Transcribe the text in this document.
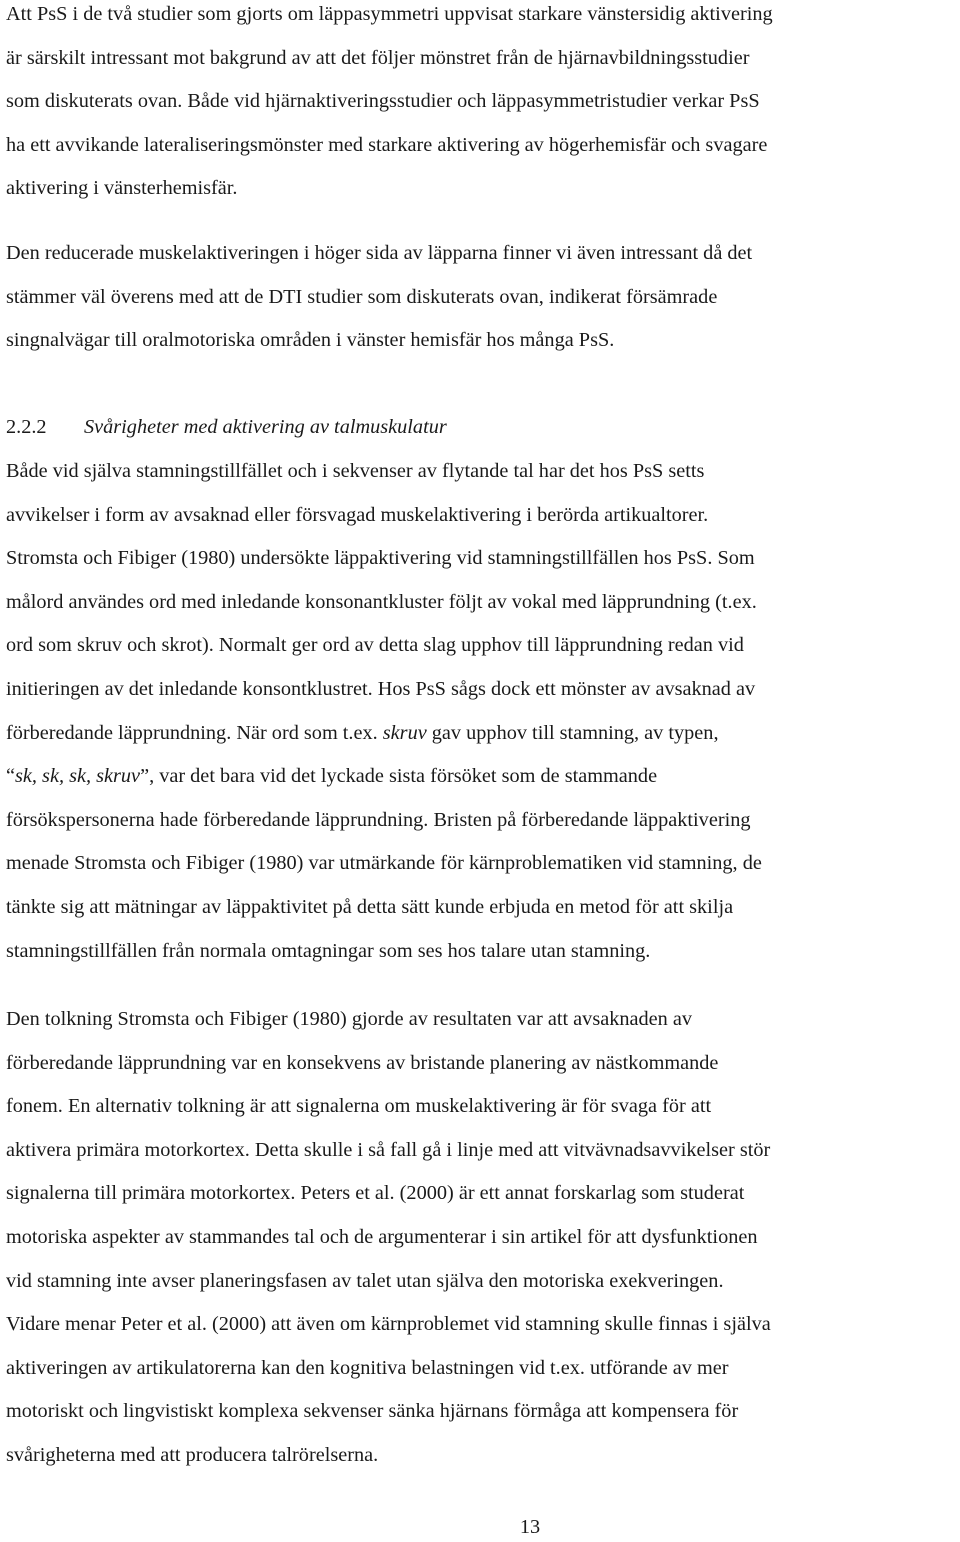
Att PsS i de två studier som gjorts om läppasymmetri uppvisat starkare vänstersidig aktivering
är särskilt intressant mot bakgrund av att det följer mönstret från de hjärnavbildningsstudier
som diskuterats ovan. Både vid hjärnaktiveringsstudier och läppasymmetristudier verkar PsS
ha ett avvikande lateraliseringsmönster med starkare aktivering av högerhemisfär och svagare
aktivering i vänsterhemisfär.
Den reducerade muskelaktiveringen i höger sida av läpparna finner vi även intressant då det
stämmer väl överens med att de DTI studier som diskuterats ovan, indikerat försämrade
singnalvägar till oralmotoriska områden i vänster hemisfär hos många PsS.
2.2.2 Svårigheter med aktivering av talmuskulatur
Både vid själva stamningstillfället och i sekvenser av flytande tal har det hos PsS setts
avvikelser i form av avsaknad eller försvagad muskelaktivering i berörda artikualtorer.
Stromsta och Fibiger (1980) undersökte läppaktivering vid stamningstillfällen hos PsS. Som
målord användes ord med inledande konsonantkluster följt av vokal med läpprundning (t.ex.
ord som skruv och skrot). Normalt ger ord av detta slag upphov till läpprundning redan vid
initieringen av det inledande konsontklustret. Hos PsS sågs dock ett mönster av avsaknad av
förberedande läpprundning. När ord som t.ex. skruv gav upphov till stamning, av typen,
“sk, sk, sk, skruv”, var det bara vid det lyckade sista försöket som de stammande
försökspersonerna hade förberedande läpprundning. Bristen på förberedande läppaktivering
menade Stromsta och Fibiger (1980) var utmärkande för kärnproblematiken vid stamning, de
tänkte sig att mätningar av läppaktivitet på detta sätt kunde erbjuda en metod för att skilja
stamningstillfällen från normala omtagningar som ses hos talare utan stamning.
Den tolkning Stromsta och Fibiger (1980) gjorde av resultaten var att avsaknaden av
förberedande läpprundning var en konsekvens av bristande planering av nästkommande
fonem. En alternativ tolkning är att signalerna om muskelaktivering är för svaga för att
aktivera primära motorkortex. Detta skulle i så fall gå i linje med att vitvävnadsavvikelser stör
signalerna till primära motorkortex. Peters et al. (2000) är ett annat forskarlag som studerat
motoriska aspekter av stammandes tal och de argumenterar i sin artikel för att dysfunktionen
vid stamning inte avser planeringsfasen av talet utan själva den motoriska exekveringen.
Vidare menar Peter et al. (2000) att även om kärnproblemet vid stamning skulle finnas i själva
aktiveringen av artikulatorerna kan den kognitiva belastningen vid t.ex. utförande av mer
motoriskt och lingvistiskt komplexa sekvenser sänka hjärnans förmåga att kompensera för
svårigheterna med att producera talrörelserna.
13
